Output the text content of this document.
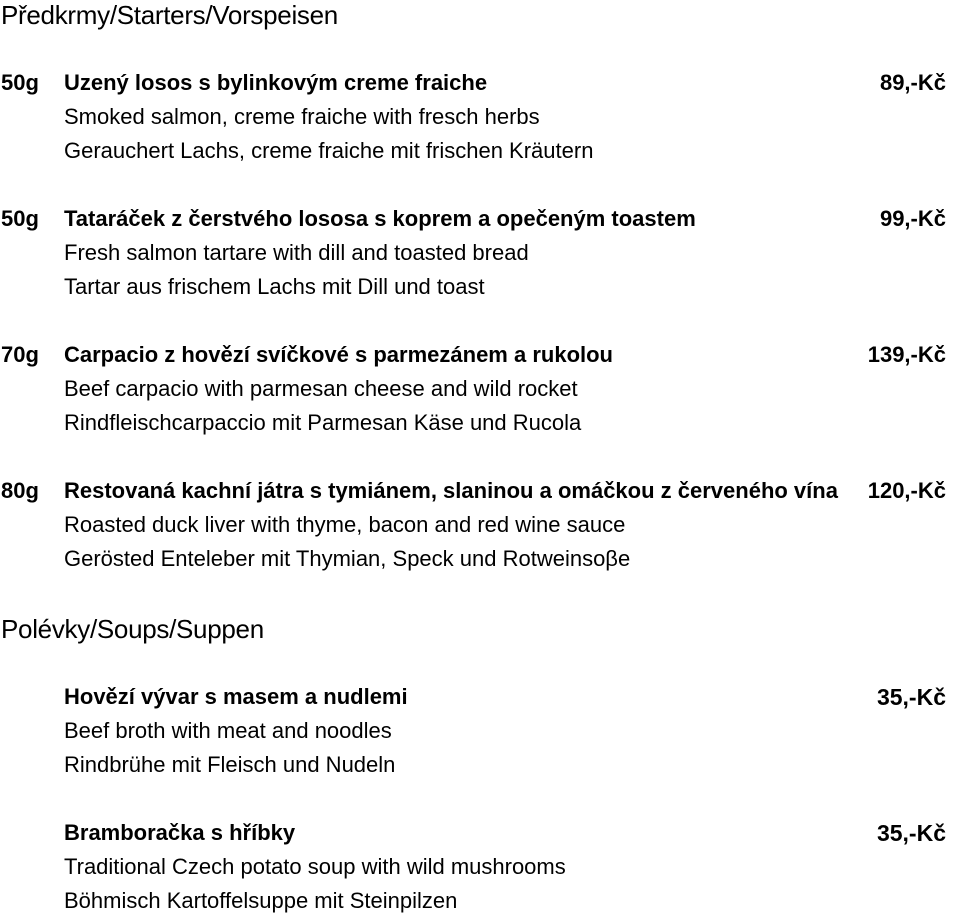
Předkrmy/Starters/Vorspeisen
50g Uzený losos s bylinkovým creme fraiche
Smoked salmon, creme fraiche with fresch herbs
Gerauchert Lachs, creme fraiche mit frischen Kräutern
89,-Kč
50g Tataráček z čerstvého lososa s koprem a opečeným toastem
Fresh salmon tartare with dill and toasted bread
Tartar aus frischem Lachs mit Dill und toast
99,-Kč
70g Carpacio z hovězí svíčkové s parmezánem a rukolou
Beef carpacio with parmesan cheese and wild rocket
Rindfleischcarpaccio mit Parmesan Käse und Rucola
139,-Kč
80g Restovaná kachní játra s tymiánem, slaninou a omáčkou z červeného vína
Roasted duck liver with thyme, bacon and red wine sauce
Gerösted Enteleber mit Thymian, Speck und Rotweinsoβe
120,-Kč
Polévky/Soups/Suppen
Hovězí vývar s masem a nudlemi
Beef broth with meat and noodles
Rindbrühe mit Fleisch und Nudeln
35,-Kč
Bramboračka s hříbky
Traditional Czech potato soup with wild mushrooms
Böhmisch Kartoffelsuppe mit Steinpilzen
35,-Kč
